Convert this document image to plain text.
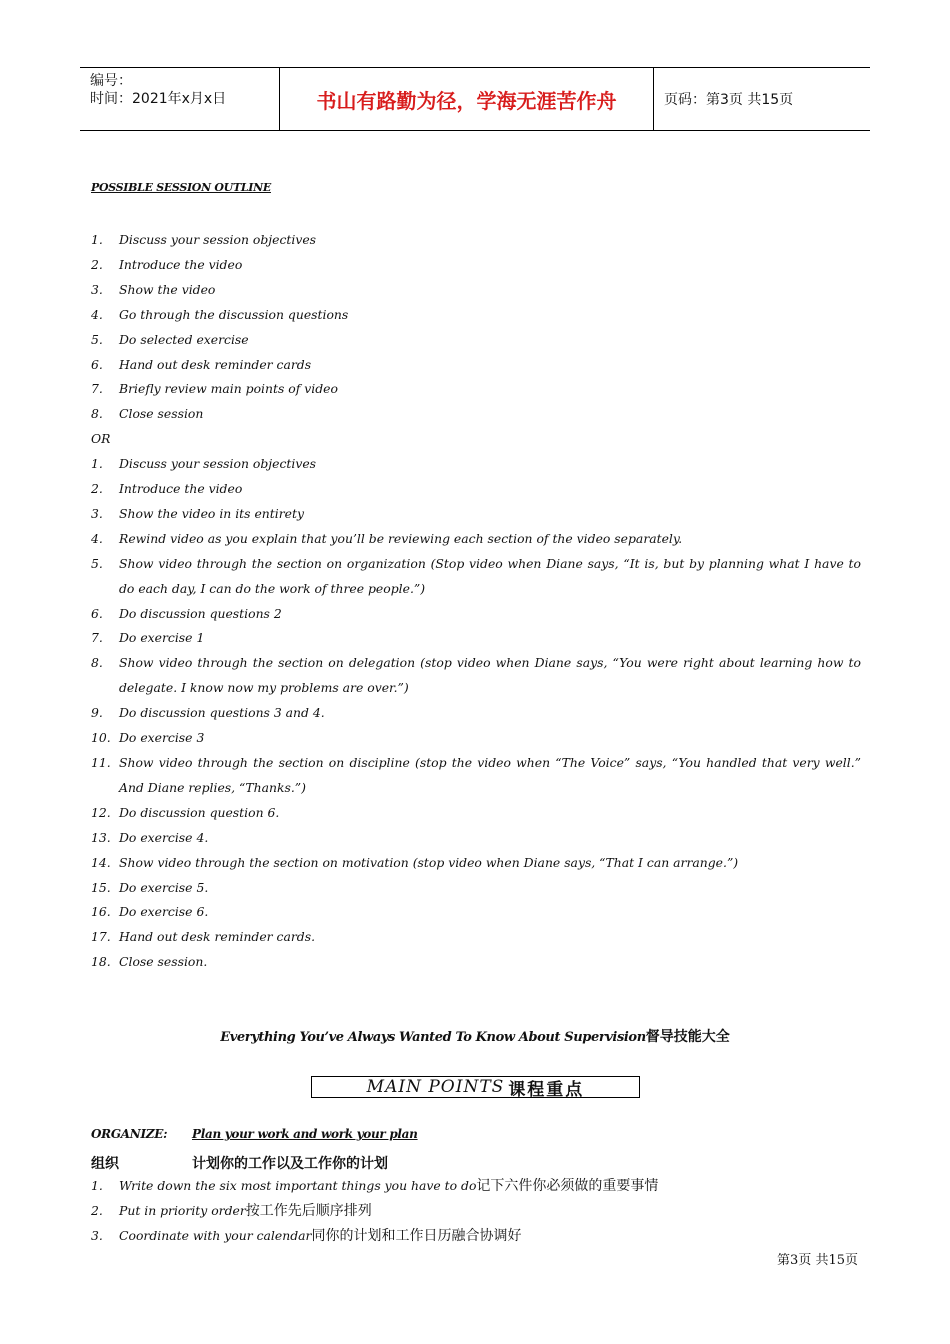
编号：
时间：2021年x月x日	书山有路勤为径，学海无涯苦作舟	页码：第3页 共15页
POSSIBLE SESSION OUTLINE
1.	Discuss your session objectives
2.	Introduce the video
3.	Show the video
4.	Go through the discussion questions
5.	Do selected exercise
6.	Hand out desk reminder cards
7.	Briefly review main points of video
8.	Close session
OR
1.	Discuss your session objectives
2.	Introduce the video
3.	Show the video in its entirety
4.	Rewind video as you explain that you’ll be reviewing each section of the video separately.
5.	Show video through the section on organization (Stop video when Diane says, “It is, but by planning what I have to do each day, I can do the work of three people.”)
6.	Do discussion questions 2
7.	Do exercise 1
8.	Show video through the section on delegation (stop video when Diane says, “You were right about learning how to delegate. I know now my problems are over.”)
9.	Do discussion questions 3 and 4.
10. Do exercise 3
11. Show video through the section on discipline (stop the video when “The Voice” says, “You handled that very well.” And Diane replies, “Thanks.”)
12. Do discussion question 6.
13. Do exercise 4.
14. Show video through the section on motivation (stop video when Diane says, “That I can arrange.”)
15. Do exercise 5.
16. Do exercise 6.
17. Hand out desk reminder cards.
18. Close session.
Everything You’ve Always Wanted To Know About Supervision督导技能大全
MAIN POINTS 课程重点
ORGANIZE: Plan your work and work your plan
组织	计划你的工作以及工作你的计划
1.	Write down the six most important things you have to do 记下六件你必须做的重要事情
2.	Put in priority order 按工作先后顺序排列
3.	Coordinate with your calendar 同你的计划和工作日历融合协调好
第3页 共15页
